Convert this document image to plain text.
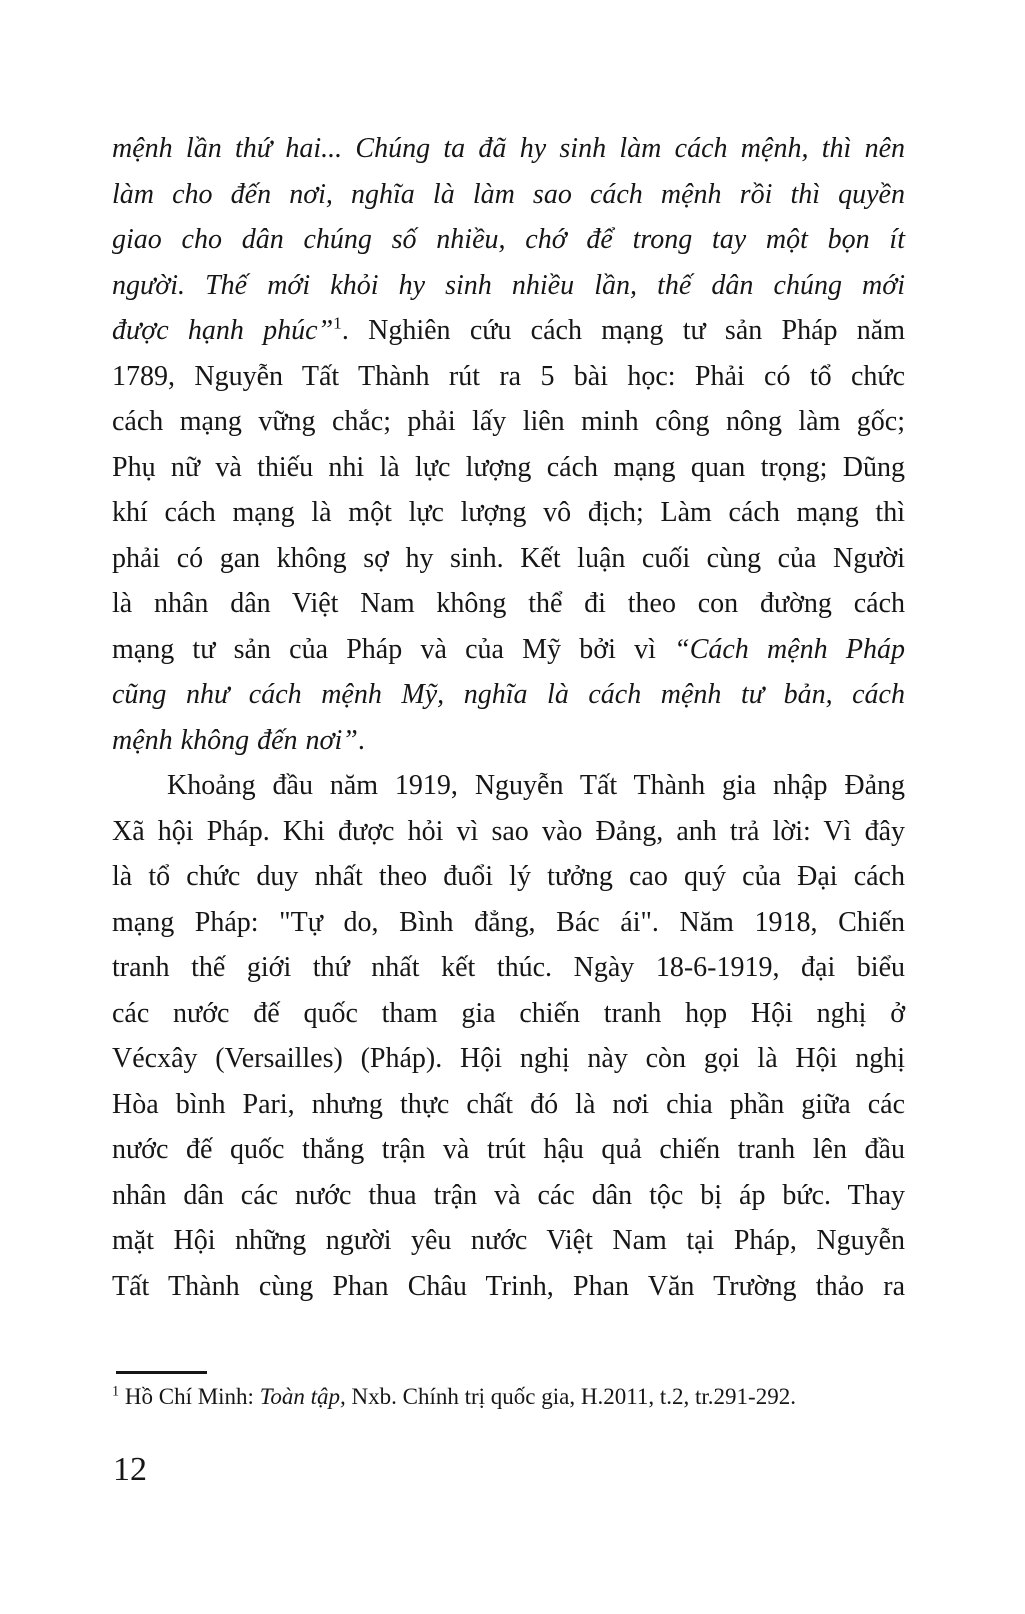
mệnh lần thứ hai... Chúng ta đã hy sinh làm cách mệnh, thì nên
làm cho đến nơi, nghĩa là làm sao cách mệnh rồi thì quyền
giao cho dân chúng số nhiều, chớ để trong tay một bọn ít
người. Thế mới khỏi hy sinh nhiều lần, thế dân chúng mới
được hạnh phúc”$^1$. Nghiên cứu cách mạng tư sản Pháp năm
1789, Nguyễn Tất Thành rút ra 5 bài học: Phải có tổ chức
cách mạng vững chắc; phải lấy liên minh công nông làm gốc;
Phụ nữ và thiếu nhi là lực lượng cách mạng quan trọng; Dũng
khí cách mạng là một lực lượng vô địch; Làm cách mạng thì
phải có gan không sợ hy sinh. Kết luận cuối cùng của Người
là nhân dân Việt Nam không thể đi theo con đường cách
mạng tư sản của Pháp và của Mỹ bởi vì “Cách mệnh Pháp
cũng như cách mệnh Mỹ, nghĩa là cách mệnh tư bản, cách
mệnh không đến nơi”.
Khoảng đầu năm 1919, Nguyễn Tất Thành gia nhập Đảng
Xã hội Pháp. Khi được hỏi vì sao vào Đảng, anh trả lời: Vì đây
là tổ chức duy nhất theo đuổi lý tưởng cao quý của Đại cách
mạng Pháp: "Tự do, Bình đẳng, Bác ái". Năm 1918, Chiến
tranh thế giới thứ nhất kết thúc. Ngày 18-6-1919, đại biểu
các nước đế quốc tham gia chiến tranh họp Hội nghị ở
Vécxây (Versailles) (Pháp). Hội nghị này còn gọi là Hội nghị
Hòa bình Pari, nhưng thực chất đó là nơi chia phần giữa các
nước đế quốc thắng trận và trút hậu quả chiến tranh lên đầu
nhân dân các nước thua trận và các dân tộc bị áp bức. Thay
mặt Hội những người yêu nước Việt Nam tại Pháp, Nguyễn
Tất Thành cùng Phan Châu Trinh, Phan Văn Trường thảo ra
$^1$ Hồ Chí Minh: Toàn tập, Nxb. Chính trị quốc gia, H.2011, t.2, tr.291-292.
12
